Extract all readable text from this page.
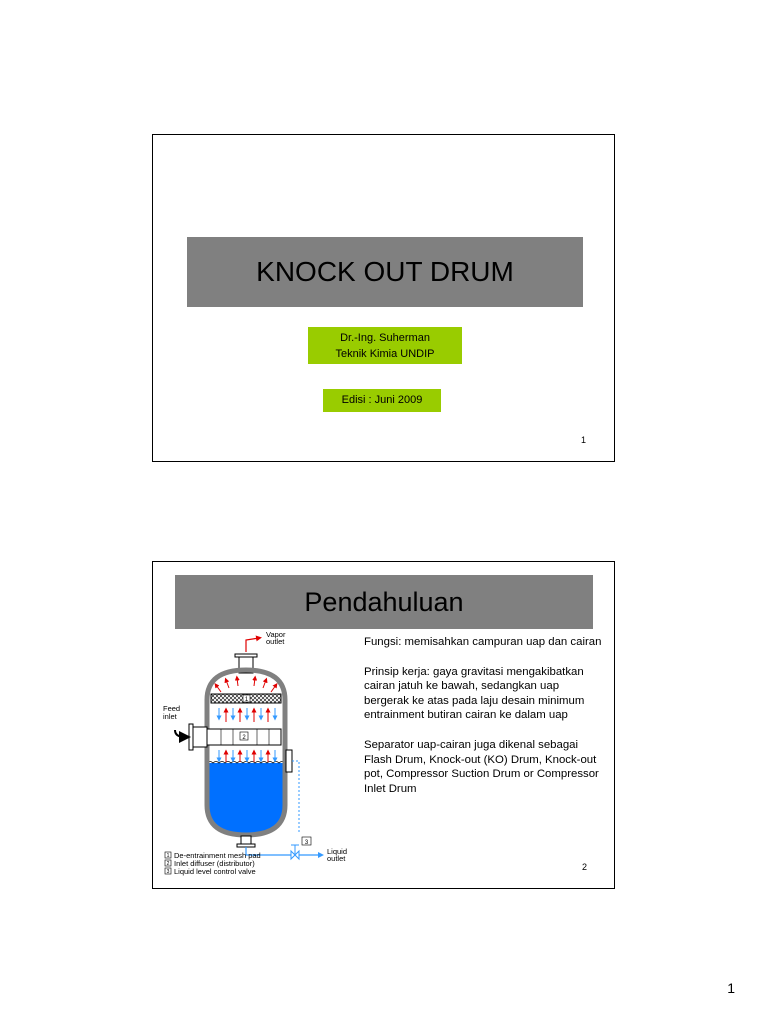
KNOCK OUT DRUM
Dr.-Ing. Suherman
Teknik Kimia UNDIP
Edisi : Juni 2009
1
Pendahuluan
1
2
3
Vapor outlet
Feed inlet
Liquid outlet
1 De-entrainment mesh pad
2 Inlet diffuser (distributor)
3 Liquid level control valve

Fungsi: memisahkan campuran uap dan cairan

Prinsip kerja: gaya gravitasi mengakibatkan cairan jatuh ke bawah, sedangkan uap bergerak ke atas pada laju desain minimum entrainment butiran cairan ke dalam uap

Separator uap-cairan juga dikenal sebagai Flash Drum, Knock-out (KO) Drum, Knock-out pot, Compressor Suction Drum or Compressor Inlet Drum

2
1
